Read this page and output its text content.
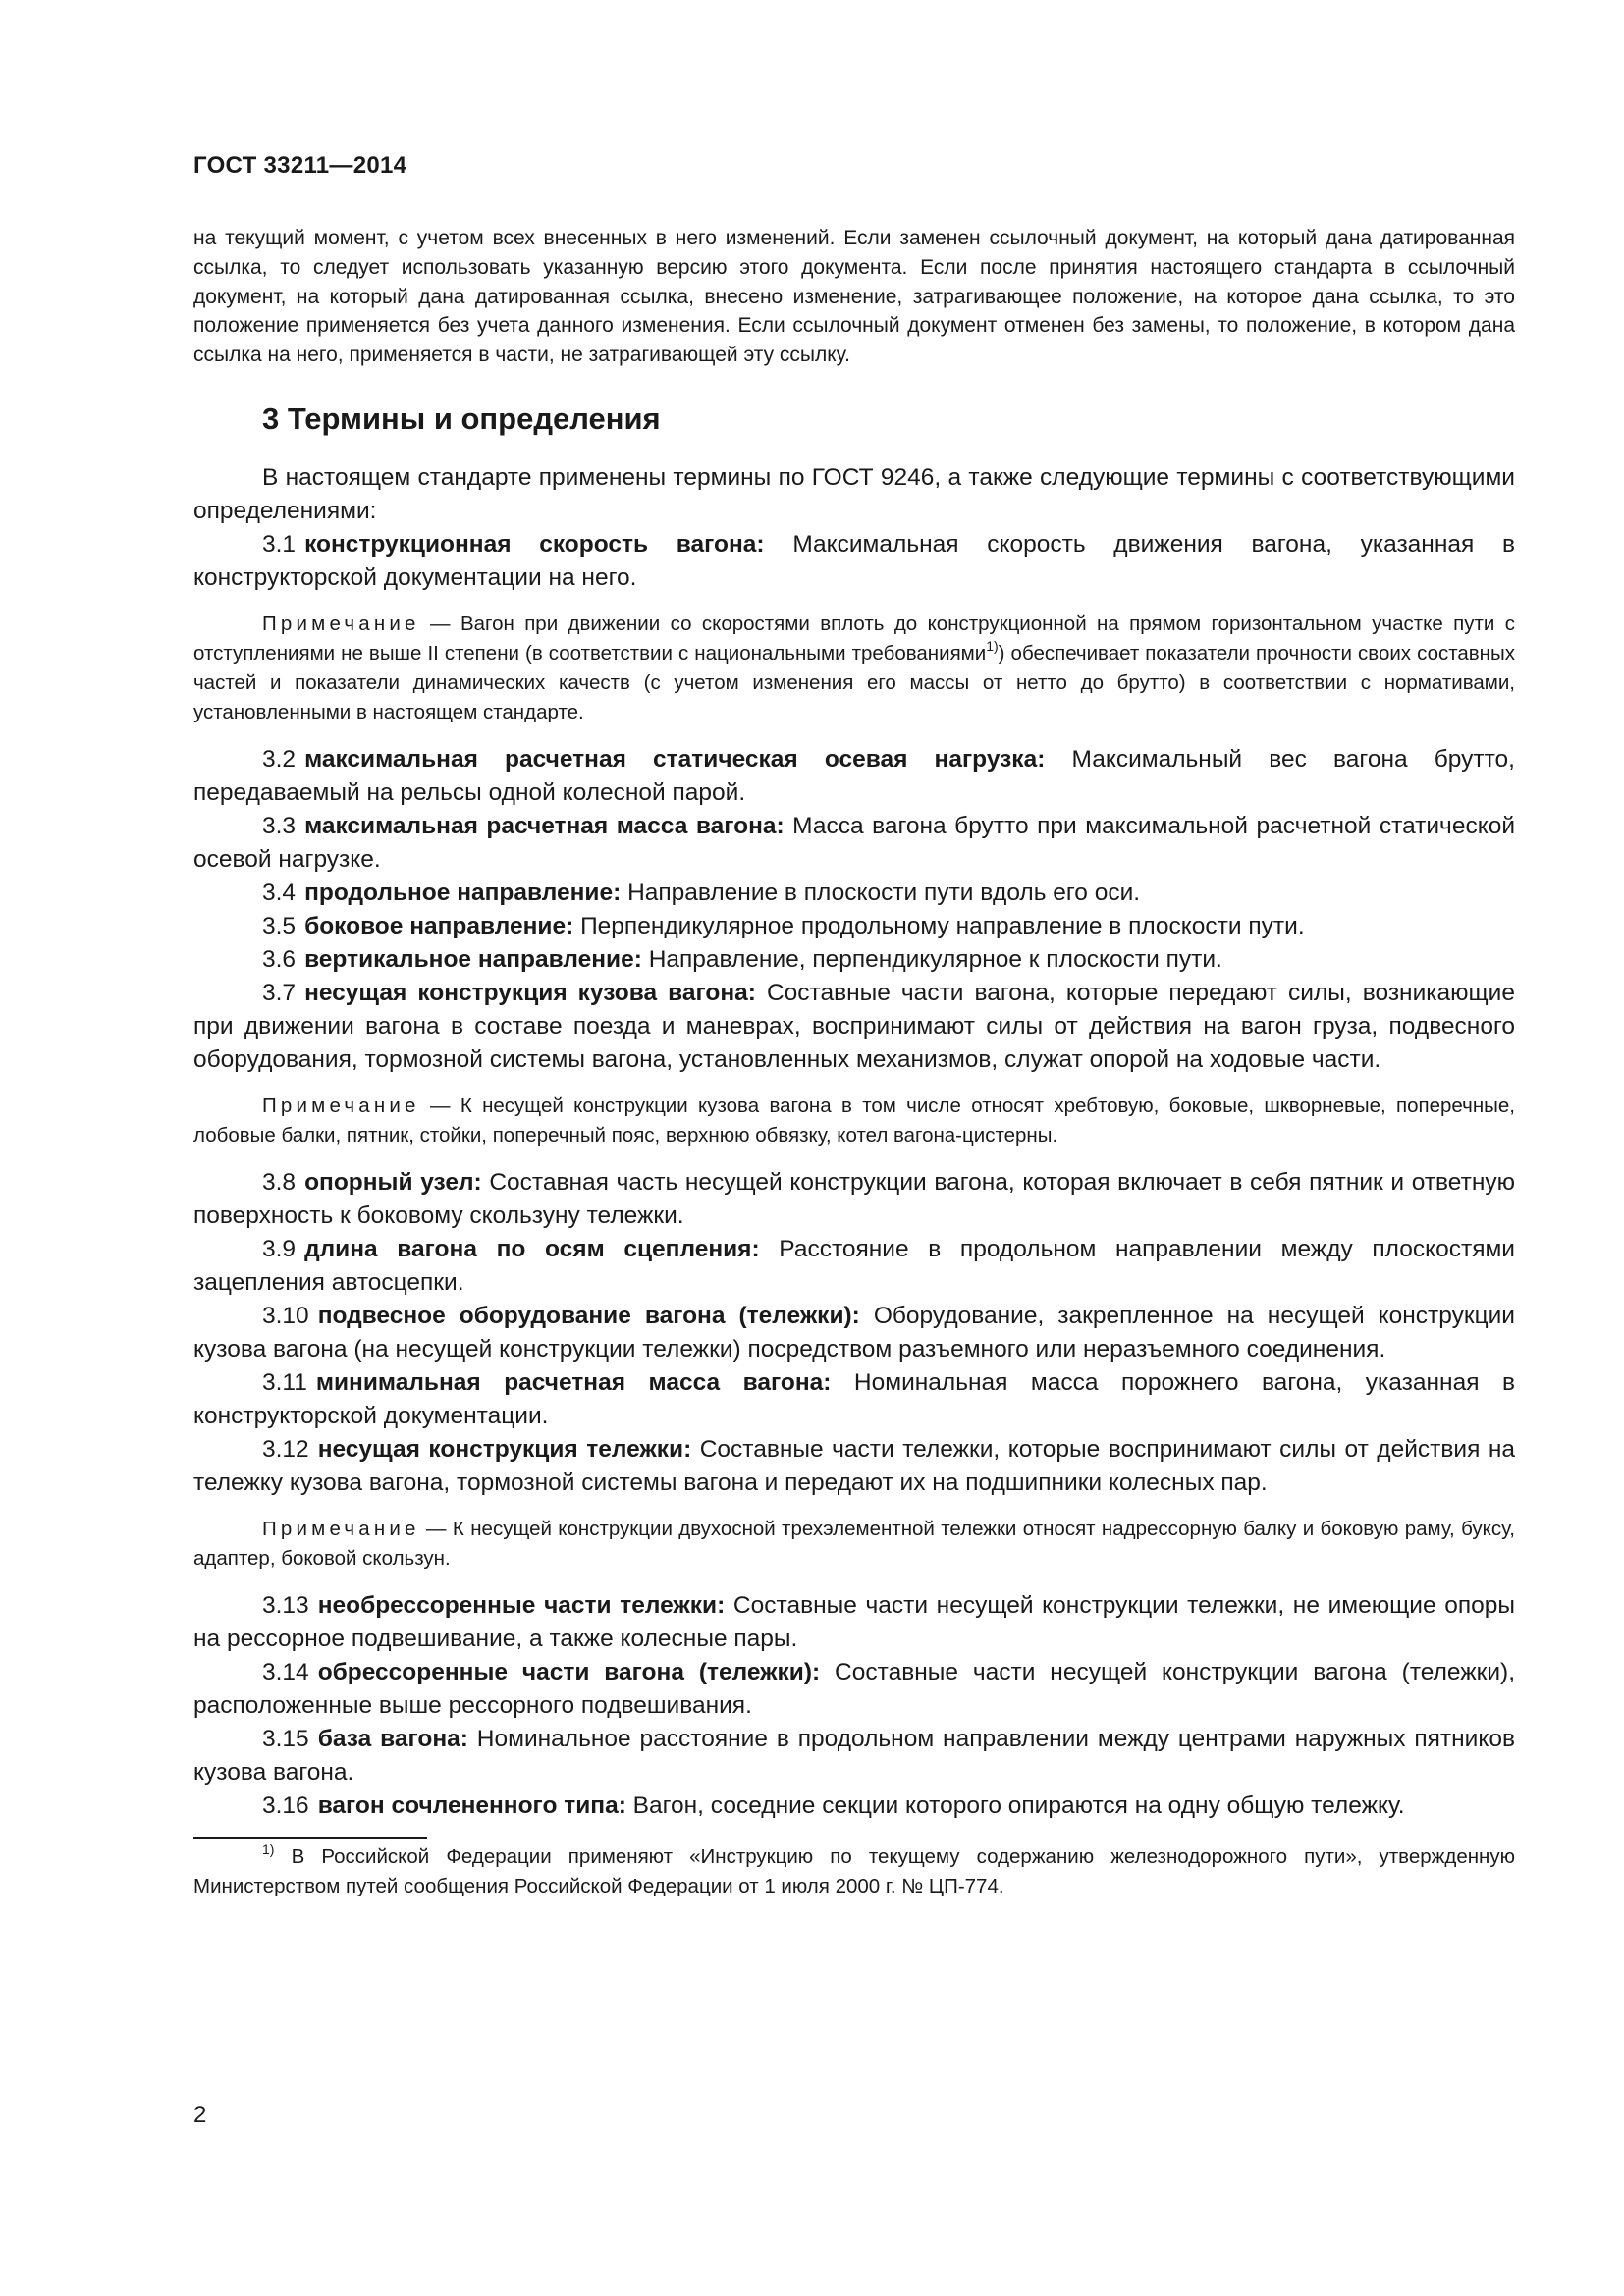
ГОСТ 33211—2014

на текущий момент, с учетом всех внесенных в него изменений. Если заменен ссылочный документ, на который дана датированная ссылка, то следует использовать указанную версию этого документа. Если после принятия настоящего стандарта в ссылочный документ, на который дана датированная ссылка, внесено изменение, затрагивающее положение, на которое дана ссылка, то это положение применяется без учета данного изменения. Если ссылочный документ отменен без замены, то положение, в котором дана ссылка на него, применяется в части, не затрагивающей эту ссылку.

3 Термины и определения

В настоящем стандарте применены термины по ГОСТ 9246, а также следующие термины с соответствующими определениями:

3.1 конструкционная скорость вагона: Максимальная скорость движения вагона, указанная в конструкторской документации на него.

Примечание — Вагон при движении со скоростями вплоть до конструкционной на прямом горизонтальном участке пути с отступлениями не выше II степени (в соответствии с национальными требованиями$^{1)}$) обеспечивает показатели прочности своих составных частей и показатели динамических качеств (с учетом изменения его массы от нетто до брутто) в соответствии с нормативами, установленными в настоящем стандарте.

3.2 максимальная расчетная статическая осевая нагрузка: Максимальный вес вагона брутто, передаваемый на рельсы одной колесной парой.

3.3 максимальная расчетная масса вагона: Масса вагона брутто при максимальной расчетной статической осевой нагрузке.

3.4 продольное направление: Направление в плоскости пути вдоль его оси.

3.5 боковое направление: Перпендикулярное продольному направление в плоскости пути.

3.6 вертикальное направление: Направление, перпендикулярное к плоскости пути.

3.7 несущая конструкция кузова вагона: Составные части вагона, которые передают силы, возникающие при движении вагона в составе поезда и маневрах, воспринимают силы от действия на вагон груза, подвесного оборудования, тормозной системы вагона, установленных механизмов, служат опорой на ходовые части.

Примечание — К несущей конструкции кузова вагона в том числе относят хребтовую, боковые, шкворневые, поперечные, лобовые балки, пятник, стойки, поперечный пояс, верхнюю обвязку, котел вагона-цистерны.

3.8 опорный узел: Составная часть несущей конструкции вагона, которая включает в себя пятник и ответную поверхность к боковому скользуну тележки.

3.9 длина вагона по осям сцепления: Расстояние в продольном направлении между плоскостями зацепления автосцепки.

3.10 подвесное оборудование вагона (тележки): Оборудование, закрепленное на несущей конструкции кузова вагона (на несущей конструкции тележки) посредством разъемного или неразъемного соединения.

3.11 минимальная расчетная масса вагона: Номинальная масса порожнего вагона, указанная в конструкторской документации.

3.12 несущая конструкция тележки: Составные части тележки, которые воспринимают силы от действия на тележку кузова вагона, тормозной системы вагона и передают их на подшипники колесных пар.

Примечание — К несущей конструкции двухосной трехэлементной тележки относят надрессорную балку и боковую раму, буксу, адаптер, боковой скользун.

3.13 необрессоренные части тележки: Составные части несущей конструкции тележки, не имеющие опоры на рессорное подвешивание, а также колесные пары.

3.14 обрессоренные части вагона (тележки): Составные части несущей конструкции вагона (тележки), расположенные выше рессорного подвешивания.

3.15 база вагона: Номинальное расстояние в продольном направлении между центрами наружных пятников кузова вагона.

3.16 вагон сочлененного типа: Вагон, соседние секции которого опираются на одну общую тележку.

$^{1)}$ В Российской Федерации применяют «Инструкцию по текущему содержанию железнодорожного пути», утвержденную Министерством путей сообщения Российской Федерации от 1 июля 2000 г. № ЦП-774.

2
